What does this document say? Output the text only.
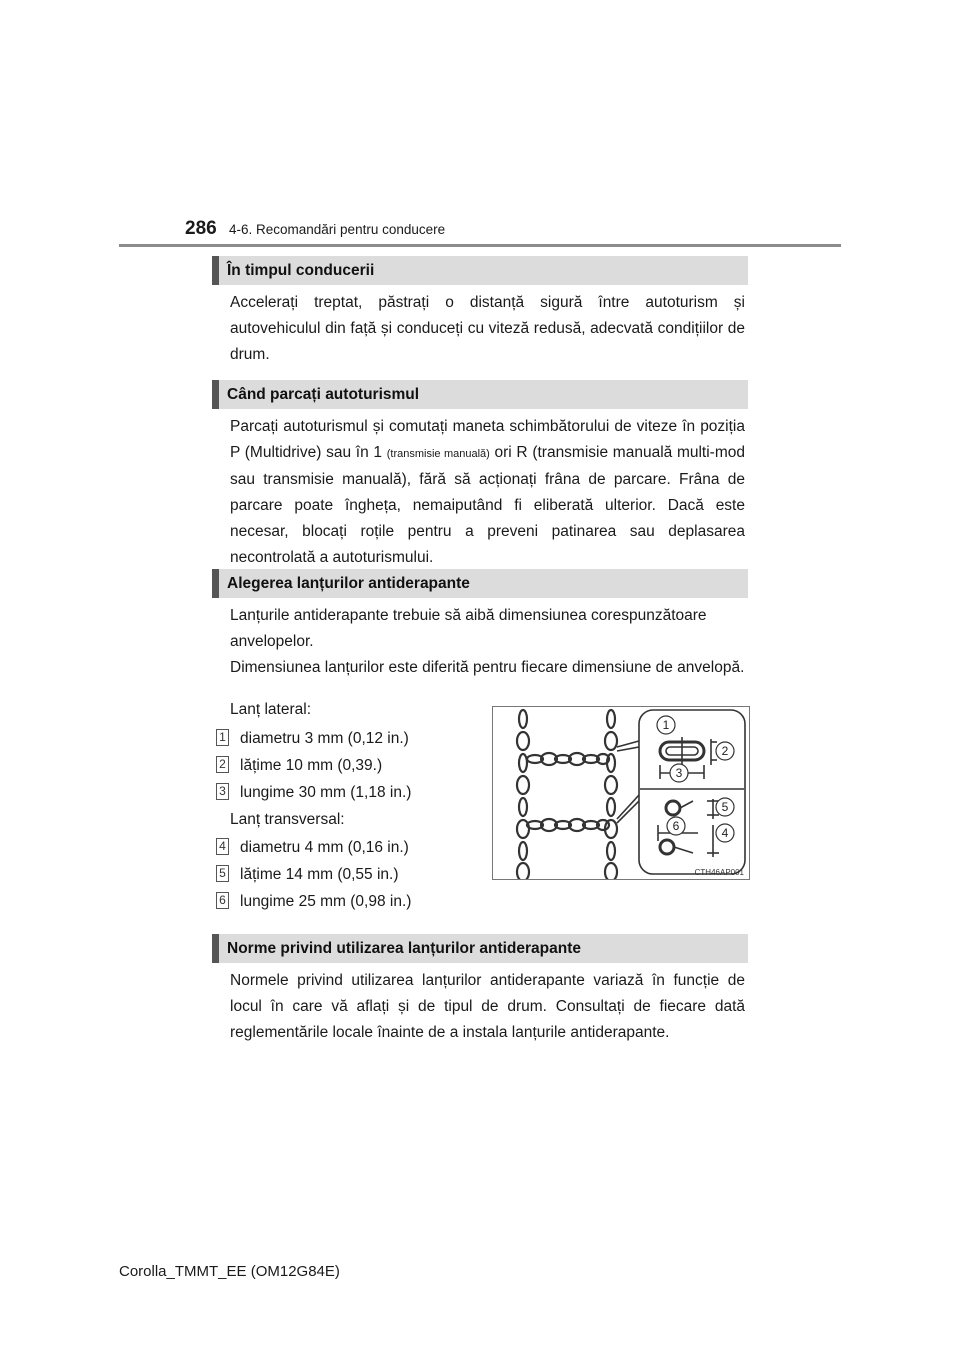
286 4-6. Recomandări pentru conducere
În timpul conducerii
Accelerați treptat, păstrați o distanță sigură între autoturism și autovehiculul din față și conduceți cu viteză redusă, adecvată condițiilor de drum.
Când parcați autoturismul
Parcați autoturismul și comutați maneta schimbătorului de viteze în poziția P (Multidrive) sau în 1 (transmisie manuală) ori R (transmisie manuală multi-mod sau transmisie manuală), fără să acționați frâna de parcare. Frâna de parcare poate îngheța, nemaiputând fi eliberată ulterior. Dacă este necesar, blocați roțile pentru a preveni patinarea sau deplasarea necontrolată a autoturismului.
Alegerea lanțurilor antiderapante
Lanțurile antiderapante trebuie să aibă dimensiunea corespunzătoare anvelopelor.
Dimensiunea lanțurilor este diferită pentru fiecare dimensiune de anvelopă.
Lanț lateral:
1 diametru 3 mm (0,12 in.)
2 lățime 10 mm (0,39.)
3 lungime 30 mm (1,18 in.)
Lanț transversal:
4 diametru 4 mm (0,16 in.)
5 lățime 14 mm (0,55 in.)
6 lungime 25 mm (0,98 in.)
1
2
3
5
6	4
CTH46AP001
Norme privind utilizarea lanțurilor antiderapante
Normele privind utilizarea lanțurilor antiderapante variază în funcție de locul în care vă aflați și de tipul de drum. Consultați de fiecare dată reglementările locale înainte de a instala lanțurile antiderapante.
Corolla_TMMT_EE (OM12G84E)
